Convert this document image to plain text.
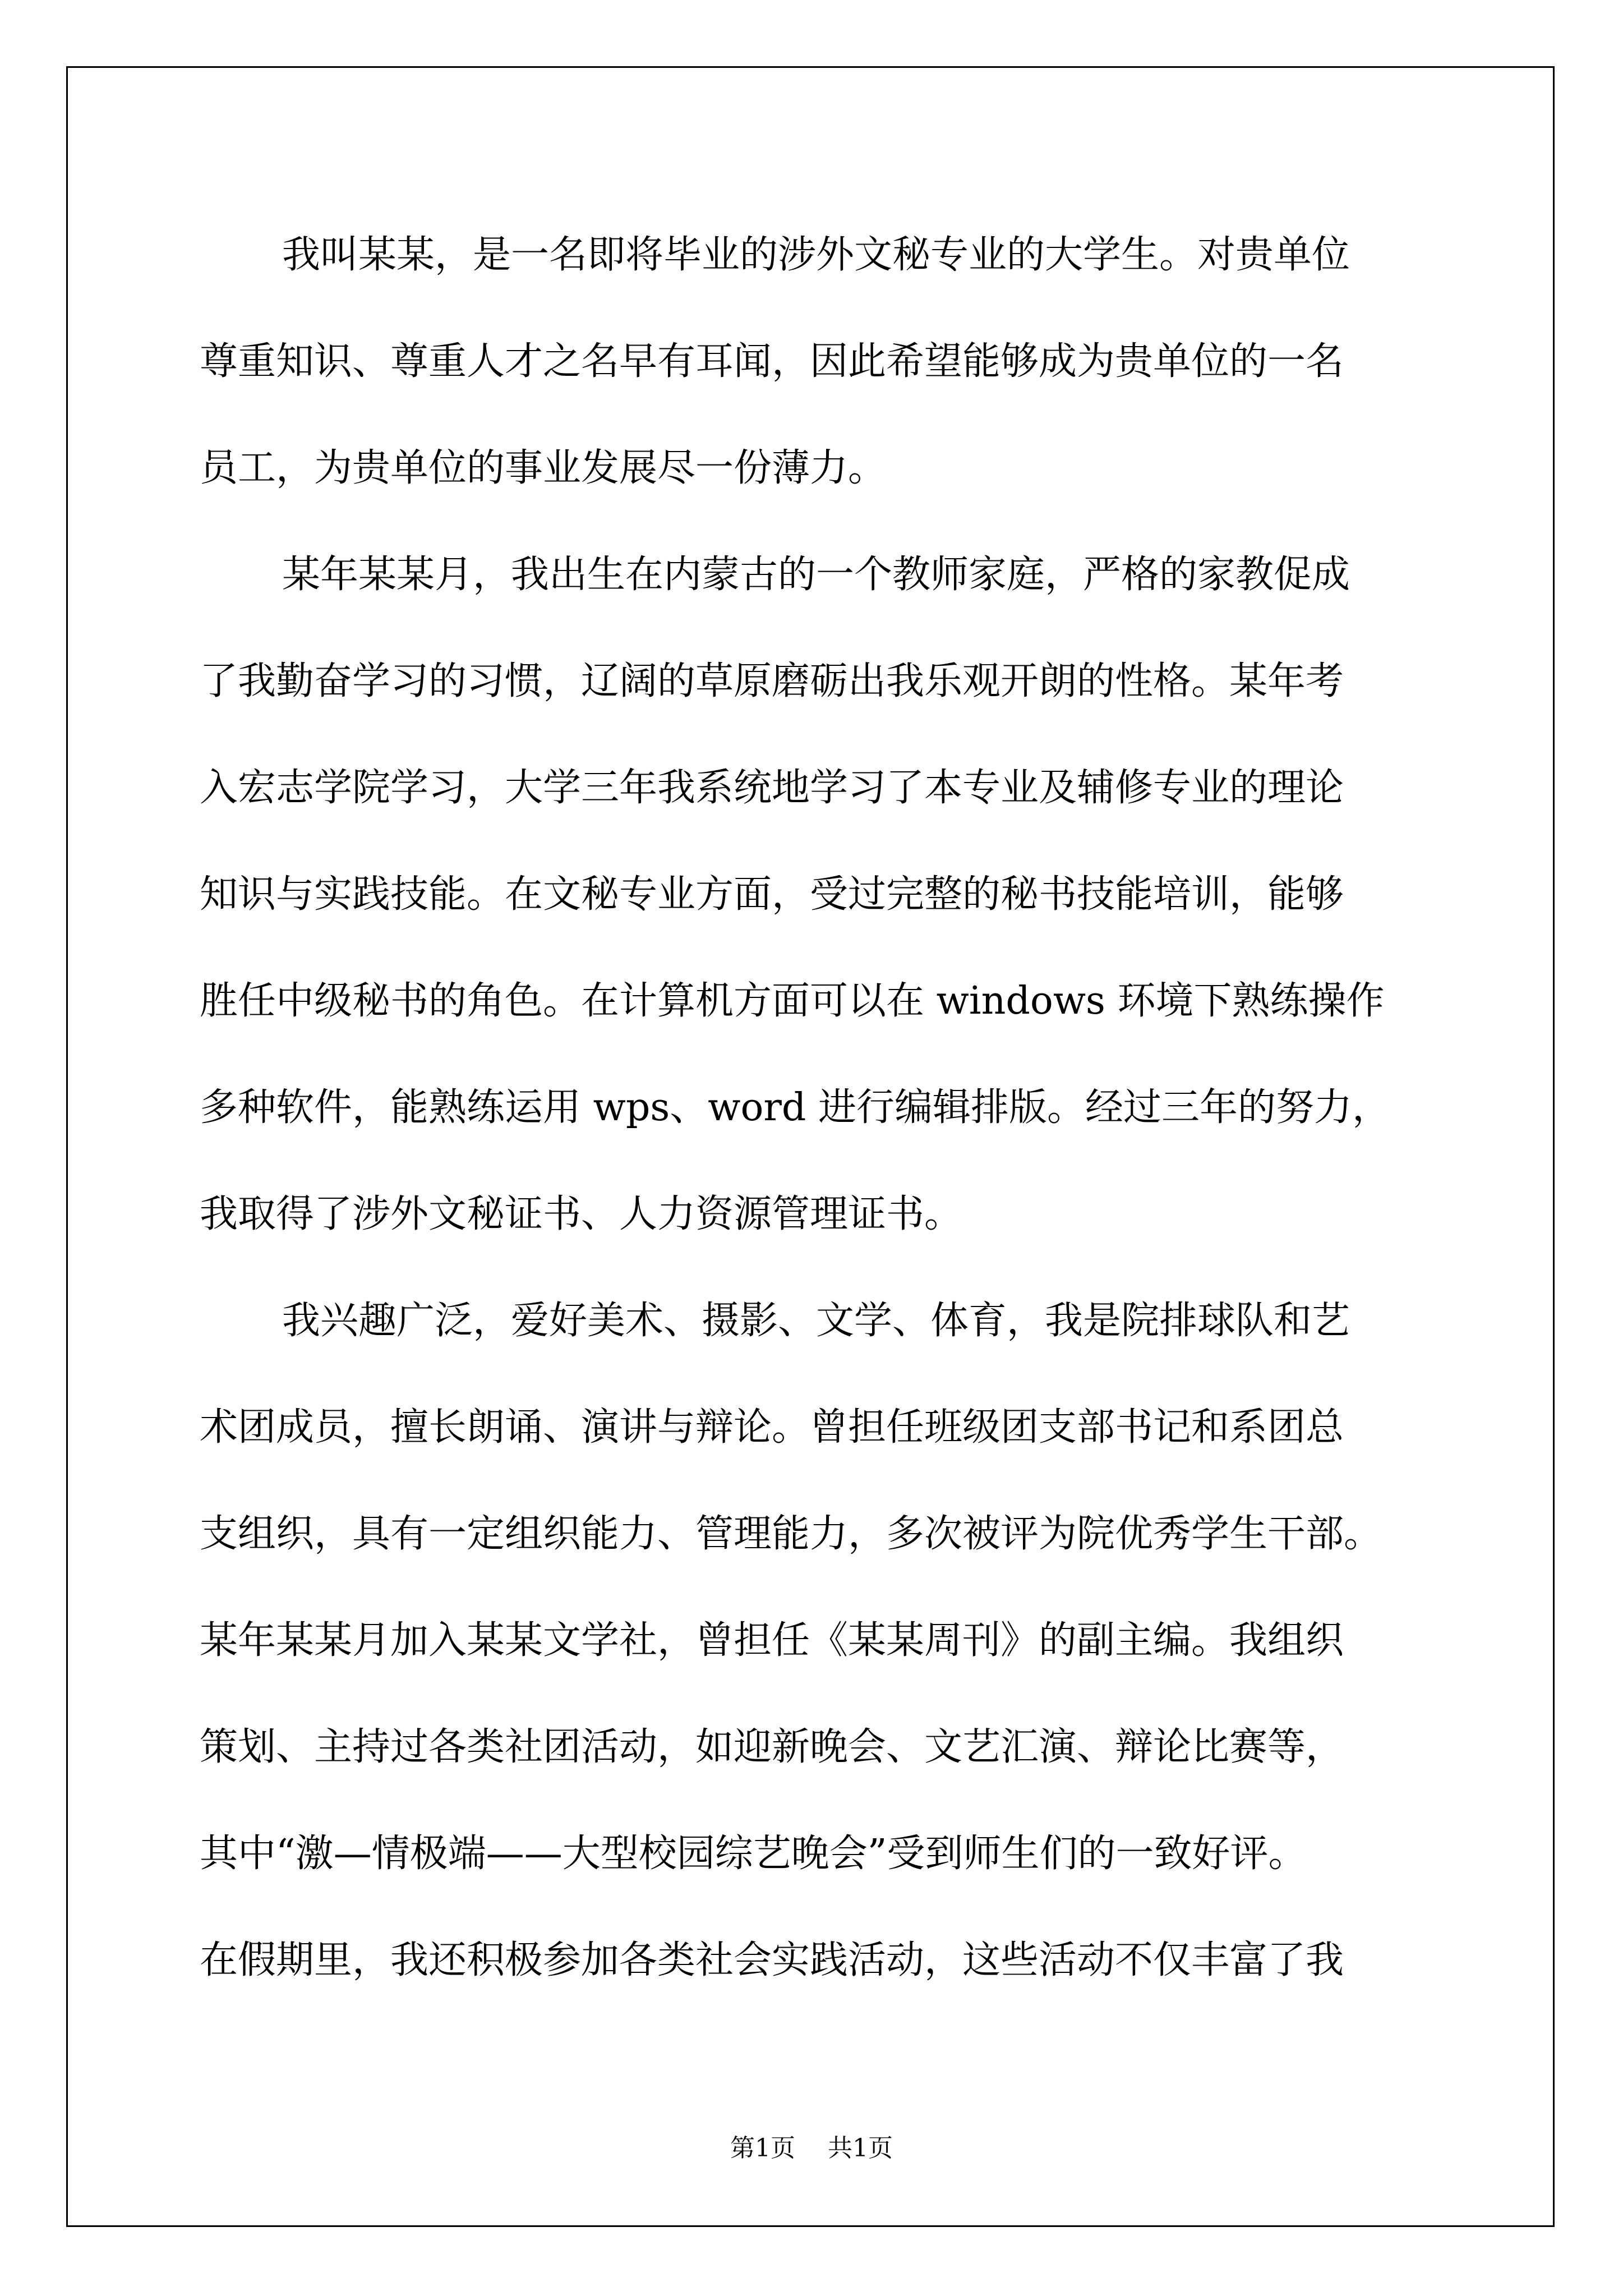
我叫某某，是一名即将毕业的涉外文秘专业的大学生。对贵单位
尊重知识、尊重人才之名早有耳闻，因此希望能够成为贵单位的一名
员工，为贵单位的事业发展尽一份薄力。

某年某某月，我出生在内蒙古的一个教师家庭，严格的家教促成
了我勤奋学习的习惯，辽阔的草原磨砺出我乐观开朗的性格。某年考
入宏志学院学习，大学三年我系统地学习了本专业及辅修专业的理论
知识与实践技能。在文秘专业方面，受过完整的秘书技能培训，能够
胜任中级秘书的角色。在计算机方面可以在 windows 环境下熟练操作
多种软件，能熟练运用 wps、word 进行编辑排版。经过三年的努力，
我取得了涉外文秘证书、人力资源管理证书。

我兴趣广泛，爱好美术、摄影、文学、体育，我是院排球队和艺
术团成员，擅长朗诵、演讲与辩论。曾担任班级团支部书记和系团总
支组织，具有一定组织能力、管理能力，多次被评为院优秀学生干部。
某年某某月加入某某文学社，曾担任《某某周刊》的副主编。我组织
策划、主持过各类社团活动，如迎新晚会、文艺汇演、辩论比赛等，
其中“激—情极端——大型校园综艺晚会”受到师生们的一致好评。
在假期里，我还积极参加各类社会实践活动，这些活动不仅丰富了我

第1页 共1页
